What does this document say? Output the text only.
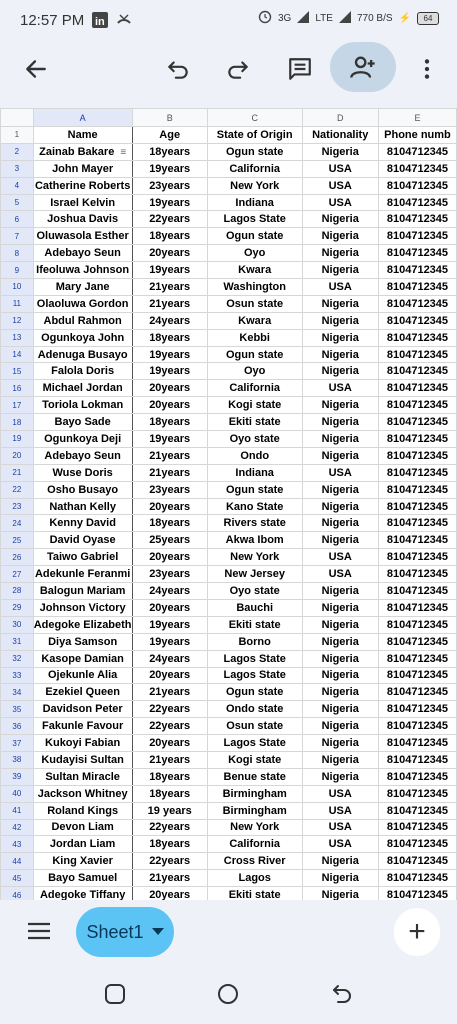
12:57 PM in	3G LTE 770 B/S ⚡	64
	A	B	C	D	E
1	Name	Age	State of Origin	Nationality	Phone numb
2	Zainab Bakare ≡	18years	Ogun state	Nigeria	8104712345
3	John Mayer	19years	California	USA	8104712345
4	Catherine Roberts	23years	New York	USA	8104712345
5	Israel Kelvin	19years	Indiana	USA	8104712345
6	Joshua Davis	22years	Lagos State	Nigeria	8104712345
7	Oluwasola Esther	18years	Ogun state	Nigeria	8104712345
8	Adebayo Seun	20years	Oyo	Nigeria	8104712345
9	Ifeoluwa Johnson	19years	Kwara	Nigeria	8104712345
10	Mary Jane	21years	Washington	USA	8104712345
11	Olaoluwa Gordon	21years	Osun state	Nigeria	8104712345
12	Abdul Rahmon	24years	Kwara	Nigeria	8104712345
13	Ogunkoya John	18years	Kebbi	Nigeria	8104712345
14	Adenuga Busayo	19years	Ogun state	Nigeria	8104712345
15	Falola Doris	19years	Oyo	Nigeria	8104712345
16	Michael Jordan	20years	California	USA	8104712345
17	Toriola Lokman	20years	Kogi state	Nigeria	8104712345
18	Bayo Sade	18years	Ekiti state	Nigeria	8104712345
19	Ogunkoya Deji	19years	Oyo state	Nigeria	8104712345
20	Adebayo Seun	21years	Ondo	Nigeria	8104712345
21	Wuse Doris	21years	Indiana	USA	8104712345
22	Osho Busayo	23years	Ogun state	Nigeria	8104712345
23	Nathan Kelly	20years	Kano State	Nigeria	8104712345
24	Kenny David	18years	Rivers state	Nigeria	8104712345
25	David Oyase	25years	Akwa Ibom	Nigeria	8104712345
26	Taiwo Gabriel	20years	New York	USA	8104712345
27	Adekunle Feranmi	23years	New Jersey	USA	8104712345
28	Balogun Mariam	24years	Oyo state	Nigeria	8104712345
29	Johnson Victory	20years	Bauchi	Nigeria	8104712345
30	Adegoke Elizabeth	19years	Ekiti state	Nigeria	8104712345
31	Diya Samson	19years	Borno	Nigeria	8104712345
32	Kasope Damian	24years	Lagos State	Nigeria	8104712345
33	Ojekunle Alia	20years	Lagos State	Nigeria	8104712345
34	Ezekiel Queen	21years	Ogun state	Nigeria	8104712345
35	Davidson Peter	22years	Ondo state	Nigeria	8104712345
36	Fakunle Favour	22years	Osun state	Nigeria	8104712345
37	Kukoyi Fabian	20years	Lagos State	Nigeria	8104712345
38	Kudayisi Sultan	21years	Kogi state	Nigeria	8104712345
39	Sultan Miracle	18years	Benue state	Nigeria	8104712345
40	Jackson Whitney	18years	Birmingham	USA	8104712345
41	Roland Kings	19 years	Birmingham	USA	8104712345
42	Devon Liam	22years	New York	USA	8104712345
43	Jordan Liam	18years	California	USA	8104712345
44	King Xavier	22years	Cross River	Nigeria	8104712345
45	Bayo Samuel	21years	Lagos	Nigeria	8104712345
46	Adegoke Tiffany	20years	Ekiti state	Nigeria	8104712345
Sheet1	+
